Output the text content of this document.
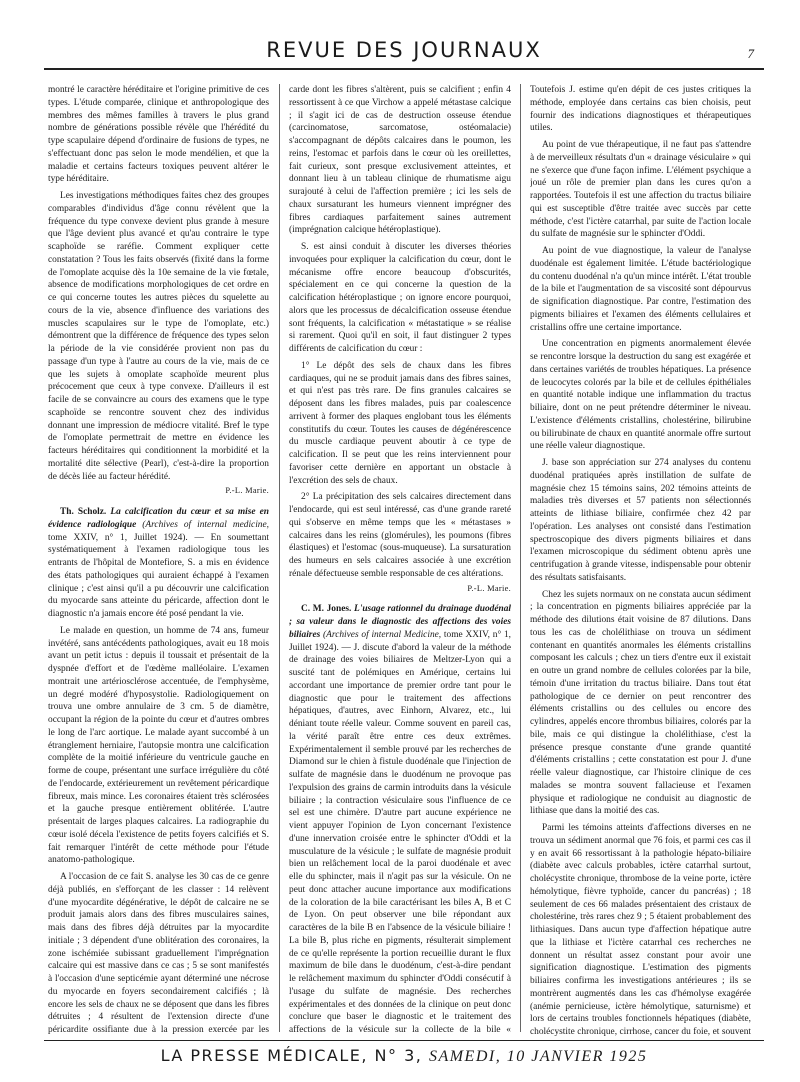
REVUE DES JOURNAUX	7

montré le caractère héréditaire et l'origine primitive de ces types. L'étude comparée, clinique et anthropologique des membres des mêmes familles à travers le plus grand nombre de générations possible révèle que l'hérédité du type scapulaire dépend d'ordinaire de fusions de types, ne s'effectuant donc pas selon le mode mendélien, et que la maladie et certains facteurs toxiques peuvent altérer le type héréditaire.

Les investigations méthodiques faites chez des groupes comparables d'individus d'âge connu révèlent que la fréquence du type convexe devient plus grande à mesure que l'âge devient plus avancé et qu'au contraire le type scaphoïde se raréfie. Comment expliquer cette constatation ? Tous les faits observés (fixité dans la forme de l'omoplate acquise dès la 10e semaine de la vie fœtale, absence de modifications morphologiques de cet ordre en ce qui concerne toutes les autres pièces du squelette au cours de la vie, absence d'influence des variations des muscles scapulaires sur le type de l'omoplate, etc.) démontrent que la différence de fréquence des types selon la période de la vie considérée provient non pas du passage d'un type à l'autre au cours de la vie, mais de ce que les sujets à omoplate scaphoïde meurent plus précocement que ceux à type convexe. D'ailleurs il est facile de se convaincre au cours des examens que le type scaphoïde se rencontre souvent chez des individus donnant une impression de médiocre vitalité. Bref le type de l'omoplate permettrait de mettre en évidence les facteurs héréditaires qui conditionnent la morbidité et la mortalité dite sélective (Pearl), c'est-à-dire la proportion de décès liée au facteur hérédité.

P.-L. Marie.

Th. Scholz. La calcification du cœur et sa mise en évidence radiologique (Archives of internal medicine, tome XXIV, n° 1, Juillet 1924). — En soumettant systématiquement à l'examen radiologique tous les entrants de l'hôpital de Montefiore, S. a mis en évidence des états pathologiques qui auraient échappé à l'examen clinique ; c'est ainsi qu'il a pu découvrir une calcification du myocarde sans atteinte du péricarde, affection dont le diagnostic n'a jamais encore été posé pendant la vie.

Le malade en question, un homme de 74 ans, fumeur invétéré, sans antécédents pathologiques, avait eu 18 mois avant un petit ictus : depuis il toussait et présentait de la dyspnée d'effort et de l'œdème malléolaire. L'examen montrait une artériosclérose accentuée, de l'emphysème, un degré modéré d'hyposystolie. Radiologiquement on trouva une ombre annulaire de 3 cm. 5 de diamètre, occupant la région de la pointe du cœur et d'autres ombres le long de l'arc aortique. Le malade ayant succombé à un étranglement herniaire, l'autopsie montra une calcification complète de la moitié inférieure du ventricule gauche en forme de coupe, présentant une surface irrégulière du côté de l'endocarde, extérieurement un revêtement péricardique fibreux, mais mince. Les coronaires étaient très sclérosées et la gauche presque entièrement oblitérée. L'autre présentait de larges plaques calcaires. La radiographie du cœur isolé décela l'existence de petits foyers calcifiés et S. fait remarquer l'intérêt de cette méthode pour l'étude anatomo-pathologique.

A l'occasion de ce fait S. analyse les 30 cas de ce genre déjà publiés, en s'efforçant de les classer : 14 relèvent d'une myocardite dégénérative, le dépôt de calcaire ne se produit jamais alors dans des fibres musculaires saines, mais dans des fibres déjà détruites par la myocardite initiale ; 3 dépendent d'une oblitération des coronaires, la zone ischémiée subissant graduellement l'imprégnation calcaire qui est massive dans ce cas ; 5 se sont manifestés à l'occasion d'une septicémie ayant déterminé une nécrose du myocarde en foyers secondairement calcifiés ; là encore les sels de chaux ne se déposent que dans les fibres détruites ; 4 résultent de l'extension directe d'une péricardite ossifiante due à la pression exercée par les

carde dont les fibres s'altèrent, puis se calcifient ; enfin 4 ressortissent à ce que Virchow a appelé métastase calcique ; il s'agit ici de cas de destruction osseuse étendue (carcinomatose, sarcomatose, ostéomalacie) s'accompagnant de dépôts calcaires dans le poumon, les reins, l'estomac et parfois dans le cœur où les oreillettes, fait curieux, sont presque exclusivement atteintes, et donnant lieu à un tableau clinique de rhumatisme aigu surajouté à celui de l'affection première ; ici les sels de chaux sursaturant les humeurs viennent imprégner des fibres cardiaques parfaitement saines autrement (imprégnation calcique hétéroplastique).

S. est ainsi conduit à discuter les diverses théories invoquées pour expliquer la calcification du cœur, dont le mécanisme offre encore beaucoup d'obscurités, spécialement en ce qui concerne la question de la calcification hétéroplastique ; on ignore encore pourquoi, alors que les processus de décalcification osseuse étendue sont fréquents, la calcification « métastatique » se réalise si rarement. Quoi qu'il en soit, il faut distinguer 2 types différents de calcification du cœur :

1° Le dépôt des sels de chaux dans les fibres cardiaques, qui ne se produit jamais dans des fibres saines, et qui n'est pas très rare. De fins granules calcaires se déposent dans les fibres malades, puis par coalescence arrivent à former des plaques englobant tous les éléments constitutifs du cœur. Toutes les causes de dégénérescence du muscle cardiaque peuvent aboutir à ce type de calcification. Il se peut que les reins interviennent pour favoriser cette dernière en apportant un obstacle à l'excrétion des sels de chaux.

2° La précipitation des sels calcaires directement dans l'endocarde, qui est seul intéressé, cas d'une grande rareté qui s'observe en même temps que les « métastases » calcaires dans les reins (glomérules), les poumons (fibres élastiques) et l'estomac (sous-muqueuse). La sursaturation des humeurs en sels calcaires associée à une excrétion rénale défectueuse semble responsable de ces altérations.

P.-L. Marie.

C. M. Jones. L'usage rationnel du drainage duodénal ; sa valeur dans le diagnostic des affections des voies biliaires (Archives of internal Medicine, tome XXIV, n° 1, Juillet 1924). — J. discute d'abord la valeur de la méthode de drainage des voies biliaires de Meltzer-Lyon qui a suscité tant de polémiques en Amérique, certains lui accordant une importance de premier ordre tant pour le diagnostic que pour le traitement des affections hépatiques, d'autres, avec Einhorn, Alvarez, etc., lui déniant toute réelle valeur. Comme souvent en pareil cas, la vérité paraît être entre ces deux extrêmes. Expérimentalement il semble prouvé par les recherches de Diamond sur le chien à fistule duodénale que l'injection de sulfate de magnésie dans le duodénum ne provoque pas l'expulsion des grains de carmin introduits dans la vésicule biliaire ; la contraction vésiculaire sous l'influence de ce sel est une chimère. D'autre part aucune expérience ne vient appuyer l'opinion de Lyon concernant l'existence d'une innervation croisée entre le sphincter d'Oddi et la musculature de la vésicule ; le sulfate de magnésie produit bien un relâchement local de la paroi duodénale et avec elle du sphincter, mais il n'agit pas sur la vésicule. On ne peut donc attacher aucune importance aux modifications de la coloration de la bile caractérisant les biles A, B et C de Lyon. On peut observer une bile répondant aux caractères de la bile B en l'absence de la vésicule biliaire ! La bile B, plus riche en pigments, résulterait simplement de ce qu'elle représente la portion recueillie durant le flux maximum de bile dans le duodénum, c'est-à-dire pendant le relâchement maximum du sphincter d'Oddi consécutif à l'usage du sulfate de magnésie. Des recherches expérimentales et des données de la clinique on peut donc conclure que baser le diagnostic et le traitement des affections de la vésicule sur la collecte de la bile «

Toutefois J. estime qu'en dépit de ces justes critiques la méthode, employée dans certains cas bien choisis, peut fournir des indications diagnostiques et thérapeutiques utiles.

Au point de vue thérapeutique, il ne faut pas s'attendre à de merveilleux résultats d'un « drainage vésiculaire » qui ne s'exerce que d'une façon infime. L'élément psychique a joué un rôle de premier plan dans les cures qu'on a rapportées. Toutefois il est une affection du tractus biliaire qui est susceptible d'être traitée avec succès par cette méthode, c'est l'ictère catarrhal, par suite de l'action locale du sulfate de magnésie sur le sphincter d'Oddi.

Au point de vue diagnostique, la valeur de l'analyse duodénale est également limitée. L'étude bactériologique du contenu duodénal n'a qu'un mince intérêt. L'état trouble de la bile et l'augmentation de sa viscosité sont dépourvus de signification diagnostique. Par contre, l'estimation des pigments biliaires et l'examen des éléments cellulaires et cristallins offre une certaine importance.

Une concentration en pigments anormalement élevée se rencontre lorsque la destruction du sang est exagérée et dans certaines variétés de troubles hépatiques. La présence de leucocytes colorés par la bile et de cellules épithéliales en quantité notable indique une inflammation du tractus biliaire, dont on ne peut prétendre déterminer le niveau. L'existence d'éléments cristallins, cholestérine, bilirubine ou bilirubinate de chaux en quantité anormale offre surtout une réelle valeur diagnostique.

J. base son appréciation sur 274 analyses du contenu duodénal pratiquées après instillation de sulfate de magnésie chez 15 témoins sains, 202 témoins atteints de maladies très diverses et 57 patients non sélectionnés atteints de lithiase biliaire, confirmée chez 42 par l'opération. Les analyses ont consisté dans l'estimation spectroscopique des divers pigments biliaires et dans l'examen microscopique du sédiment obtenu après une centrifugation à grande vitesse, indispensable pour obtenir des résultats satisfaisants.

Chez les sujets normaux on ne constata aucun sédiment ; la concentration en pigments biliaires appréciée par la méthode des dilutions était voisine de 87 dilutions. Dans tous les cas de cholélithiase on trouva un sédiment contenant en quantités anormales les éléments cristallins composant les calculs ; chez un tiers d'entre eux il existait en outre un grand nombre de cellules colorées par la bile, témoin d'une irritation du tractus biliaire. Dans tout état pathologique de ce dernier on peut rencontrer des éléments cristallins ou des cellules ou encore des cylindres, appelés encore thrombus biliaires, colorés par la bile, mais ce qui distingue la cholélithiase, c'est la présence presque constante d'une grande quantité d'éléments cristallins ; cette constatation est pour J. d'une réelle valeur diagnostique, car l'histoire clinique de ces malades se montra souvent fallacieuse et l'examen physique et radiologique ne conduisit au diagnostic de lithiase que dans la moitié des cas.

Parmi les témoins atteints d'affections diverses en ne trouva un sédiment anormal que 76 fois, et parmi ces cas il y en avait 66 ressortissant à la pathologie hépato-biliaire (diabète avec calculs probables, ictère catarrhal surtout, cholécystite chronique, thrombose de la veine porte, ictère hémolytique, fièvre typhoïde, cancer du pancréas) ; 18 seulement de ces 66 malades présentaient des cristaux de cholestérine, très rares chez 9 ; 5 étaient probablement des lithiasiques. Dans aucun type d'affection hépatique autre que la lithiase et l'ictère catarrhal ces recherches ne donnent un résultat assez constant pour avoir une signification diagnostique. L'estimation des pigments biliaires confirma les investigations antérieures ; ils se montrèrent augmentés dans les cas d'hémolyse exagérée (anémie pernicieuse, ictère hémolytique, saturnisme) et lors de certains troubles fonctionnels hépatiques (diabète, cholécystite chronique, cirrhose, cancer du foie, et souvent

LA PRESSE MÉDICALE, N° 3, SAMEDI, 10 JANVIER 1925
